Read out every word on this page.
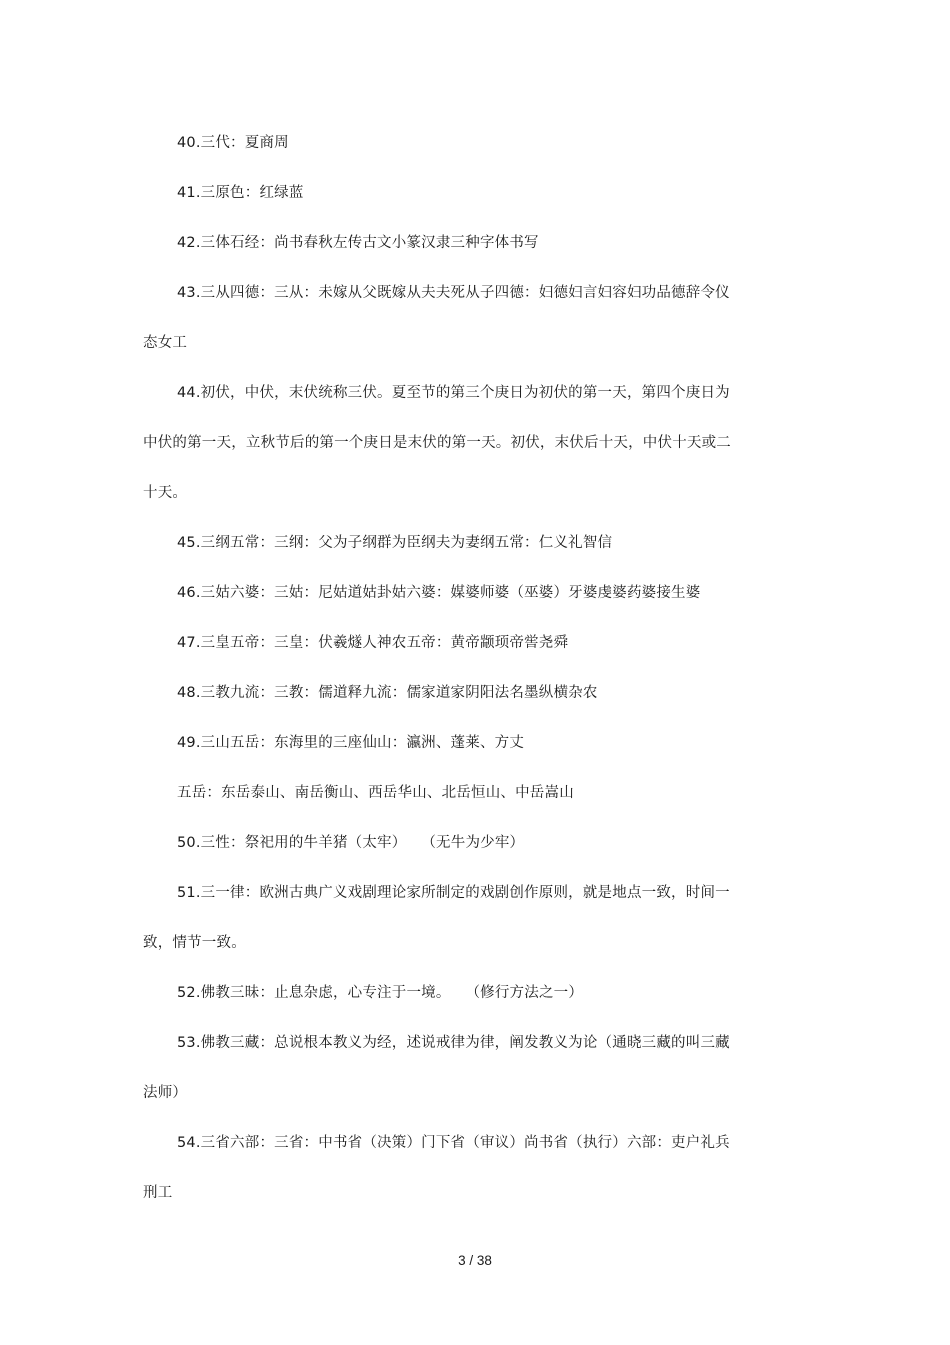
40.三代：夏商周
41.三原色：红绿蓝
42.三体石经：尚书春秋左传古文小篆汉隶三种字体书写
43.三从四德：三从：未嫁从父既嫁从夫夫死从子四德：妇德妇言妇容妇功品德辞令仪
态女工
44.初伏，中伏，末伏统称三伏。夏至节的第三个庚日为初伏的第一天，第四个庚日为
中伏的第一天，立秋节后的第一个庚日是末伏的第一天。初伏，末伏后十天，中伏十天或二
十天。
45.三纲五常：三纲：父为子纲群为臣纲夫为妻纲五常：仁义礼智信
46.三姑六婆：三姑：尼姑道姑卦姑六婆：媒婆师婆（巫婆）牙婆虔婆药婆接生婆
47.三皇五帝：三皇：伏羲燧人神农五帝：黄帝颛顼帝喾尧舜
48.三教九流：三教：儒道释九流：儒家道家阴阳法名墨纵横杂农
49.三山五岳：东海里的三座仙山：瀛洲、蓬莱、方丈
五岳：东岳泰山、南岳衡山、西岳华山、北岳恒山、中岳嵩山
50.三性：祭祀用的牛羊猪（太牢）　　（无牛为少牢）
51.三一律：欧洲古典广义戏剧理论家所制定的戏剧创作原则，就是地点一致，时间一
致，情节一致。
52.佛教三昧：止息杂虑，心专注于一境。　　（修行方法之一）
53.佛教三藏：总说根本教义为经，述说戒律为律，阐发教义为论（通晓三藏的叫三藏
法师）
54.三省六部：三省：中书省（决策）门下省（审议）尚书省（执行）六部：吏户礼兵
刑工
3 / 38
